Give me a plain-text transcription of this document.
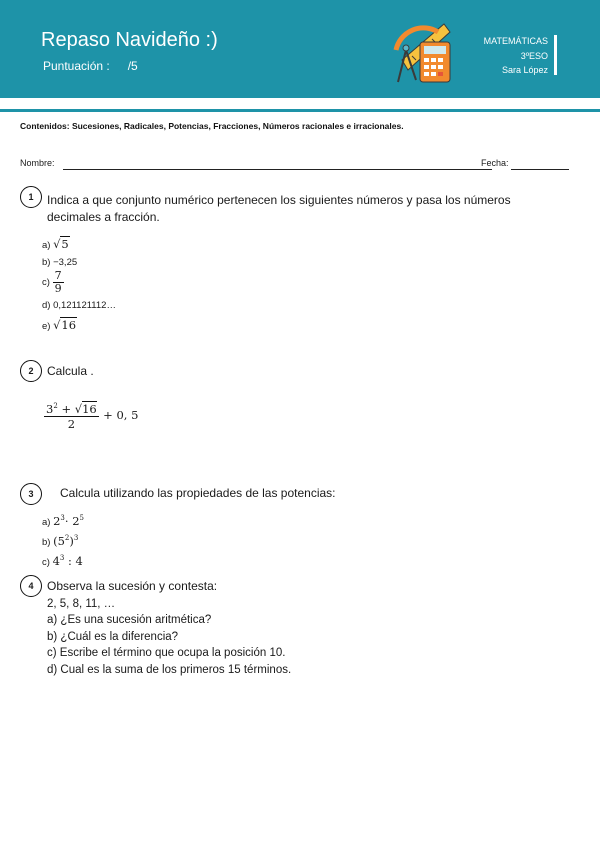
Repaso Navideño :)
Puntuación : /5
MATEMÁTICAS
3ºESO
Sara López
Contenidos: Sucesiones, Radicales, Potencias, Fracciones, Números racionales e irracionales.
Nombre:	Fecha:
1	Indica a que conjunto numérico pertenecen los siguientes números y pasa los números decimales a fracción.
a) √5
b) −3,25
$c) \frac{7}{9}$
d) 0,121121112…
e) √16
2	Calcula .
$\frac{3^2 + √16}{2} + 0$, 5
3	Calcula utilizando las propiedades de las potencias:
a) $2^3\cdot 2^5$
b) $(5^2)^3$
c) $4^3$ : 4
4	Observa la sucesión y contesta:
2, 5, 8, 11, …
a) ¿Es una sucesión aritmética?
b) ¿Cuál es la diferencia?
c) Escribe el término que ocupa la posición 10.
d) Cual es la suma de los primeros 15 términos.
